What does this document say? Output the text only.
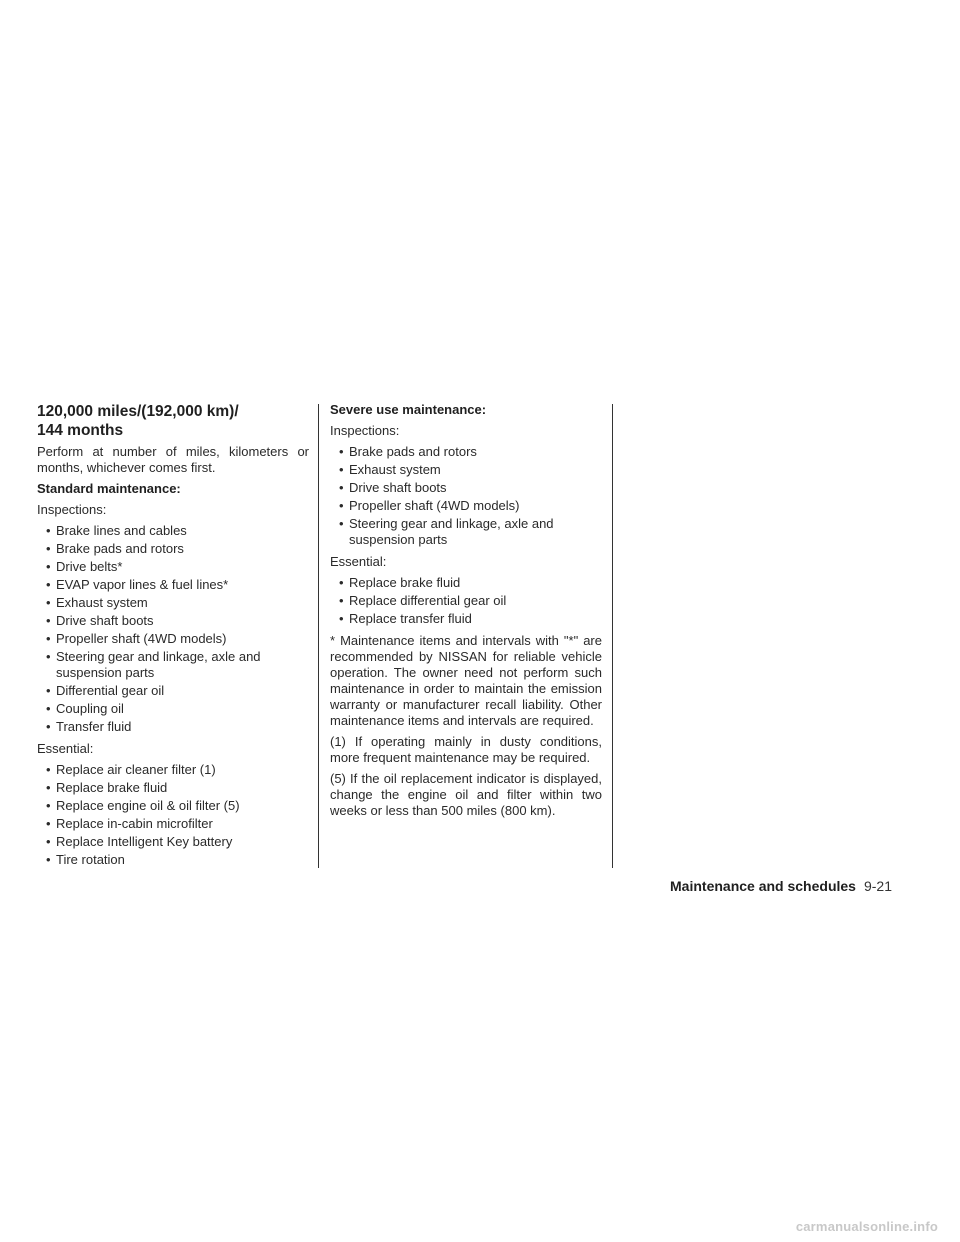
120,000 miles/(192,000 km)/
144 months

Perform at number of miles, kilometers or months, whichever comes first.

Standard maintenance:

Inspections:

• Brake lines and cables
• Brake pads and rotors
• Drive belts*
• EVAP vapor lines & fuel lines*
• Exhaust system
• Drive shaft boots
• Propeller shaft (4WD models)
• Steering gear and linkage, axle and suspension parts
• Differential gear oil
• Coupling oil
• Transfer fluid

Essential:

• Replace air cleaner filter (1)
• Replace brake fluid
• Replace engine oil & oil filter (5)
• Replace in-cabin microfilter
• Replace Intelligent Key battery
• Tire rotation

Severe use maintenance:

Inspections:

• Brake pads and rotors
• Exhaust system
• Drive shaft boots
• Propeller shaft (4WD models)
• Steering gear and linkage, axle and suspension parts

Essential:

• Replace brake fluid
• Replace differential gear oil
• Replace transfer fluid

* Maintenance items and intervals with "*" are recommended by NISSAN for reliable vehicle operation. The owner need not perform such maintenance in order to maintain the emission warranty or manufacturer recall liability. Other maintenance items and intervals are required.

(1) If operating mainly in dusty conditions, more frequent maintenance may be required.

(5) If the oil replacement indicator is displayed, change the engine oil and filter within two weeks or less than 500 miles (800 km).

Maintenance and schedules 9-21
carmanualsonline.info
